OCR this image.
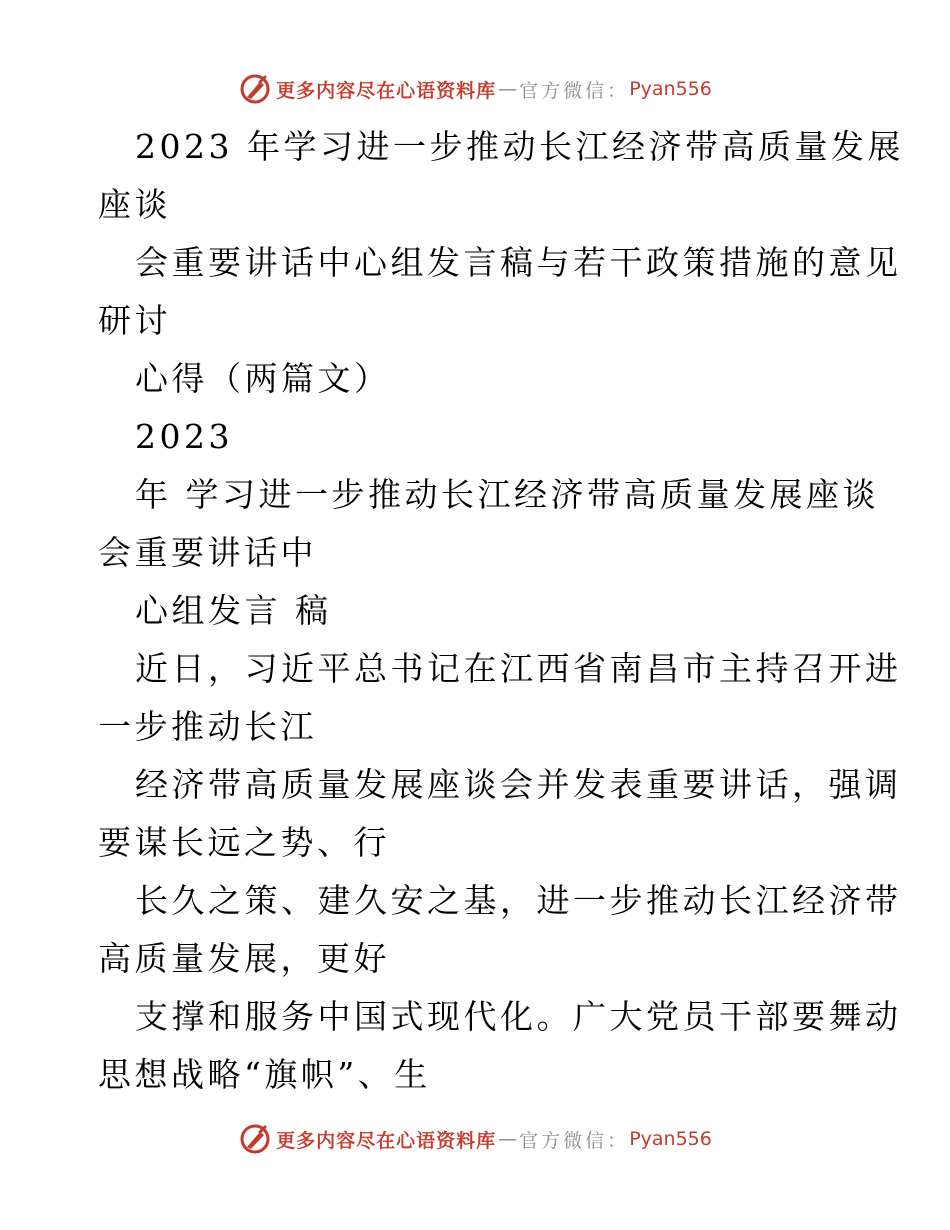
更多内容尽在心语资料库 — 官方微信： Pyan556
2023 年学习进一步推动长江经济带高质量发展
座谈
会重要讲话中心组发言稿与若干政策措施的意见
研讨
心得（两篇文）
2023
年 学习进一步推动长江经济带高质量发展座谈
会重要讲话中
心组发言 稿
近日，习近平总书记在江西省南昌市主持召开进
一步推动长江
经济带高质量发展座谈会并发表重要讲话，强调
要谋长远之势、行
长久之策、建久安之基，进一步推动长江经济带
高质量发展，更好
支撑和服务中国式现代化。广大党员干部要舞动
思想战略“旗帜”、生
更多内容尽在心语资料库 — 官方微信： Pyan556
